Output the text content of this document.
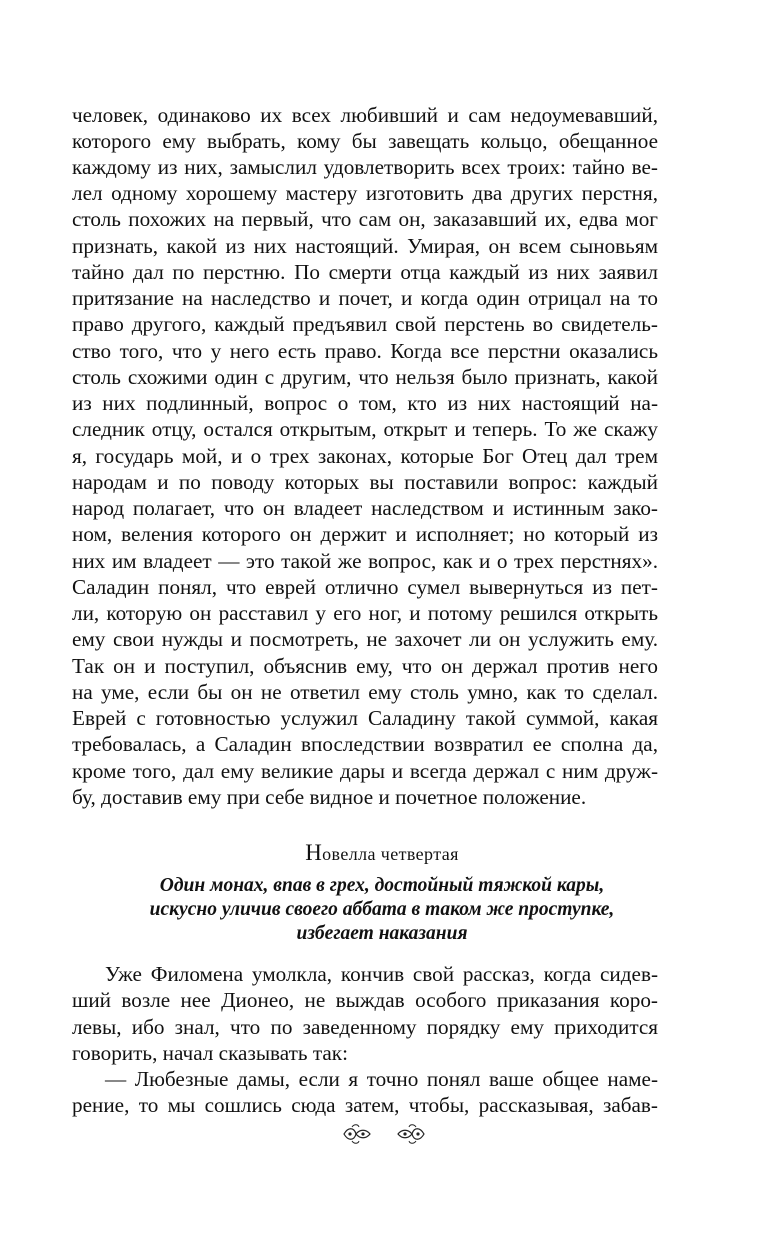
человек, одинаково их всех любивший и сам недоумевавший,
которого ему выбрать, кому бы завещать кольцо, обещанное
каждому из них, замыслил удовлетворить всех троих: тайно ве-
лел одному хорошему мастеру изготовить два других перстня,
столь похожих на первый, что сам он, заказавший их, едва мог
признать, какой из них настоящий. Умирая, он всем сыновьям
тайно дал по перстню. По смерти отца каждый из них заявил
притязание на наследство и почет, и когда один отрицал на то
право другого, каждый предъявил свой перстень во свидетель-
ство того, что у него есть право. Когда все перстни оказались
столь схожими один с другим, что нельзя было признать, какой
из них подлинный, вопрос о том, кто из них настоящий на-
следник отцу, остался открытым, открыт и теперь. То же скажу
я, государь мой, и о трех законах, которые Бог Отец дал трем
народам и по поводу которых вы поставили вопрос: каждый
народ полагает, что он владеет наследством и истинным зако-
ном, веления которого он держит и исполняет; но который из
них им владеет — это такой же вопрос, как и о трех перстнях».
Саладин понял, что еврей отлично сумел вывернуться из пет-
ли, которую он расставил у его ног, и потому решился открыть
ему свои нужды и посмотреть, не захочет ли он услужить ему.
Так он и поступил, объяснив ему, что он держал против него
на уме, если бы он не ответил ему столь умно, как то сделал.
Еврей с готовностью услужил Саладину такой суммой, какая
требовалась, а Саладин впоследствии возвратил ее сполна да,
кроме того, дал ему великие дары и всегда держал с ним друж-
бу, доставив ему при себе видное и почетное положение.
Новелла четвертая
Один монах, впав в грех, достойный тяжкой кары,
искусно уличив своего аббата в таком же проступке,
избегает наказания
Уже Филомена умолкла, кончив свой рассказ, когда сидев-
ший возле нее Дионео, не выждав особого приказания коро-
левы, ибо знал, что по заведенному порядку ему приходится
говорить, начал сказывать так:
— Любезные дамы, если я точно понял ваше общее наме-
рение, то мы сошлись сюда затем, чтобы, рассказывая, забав-
